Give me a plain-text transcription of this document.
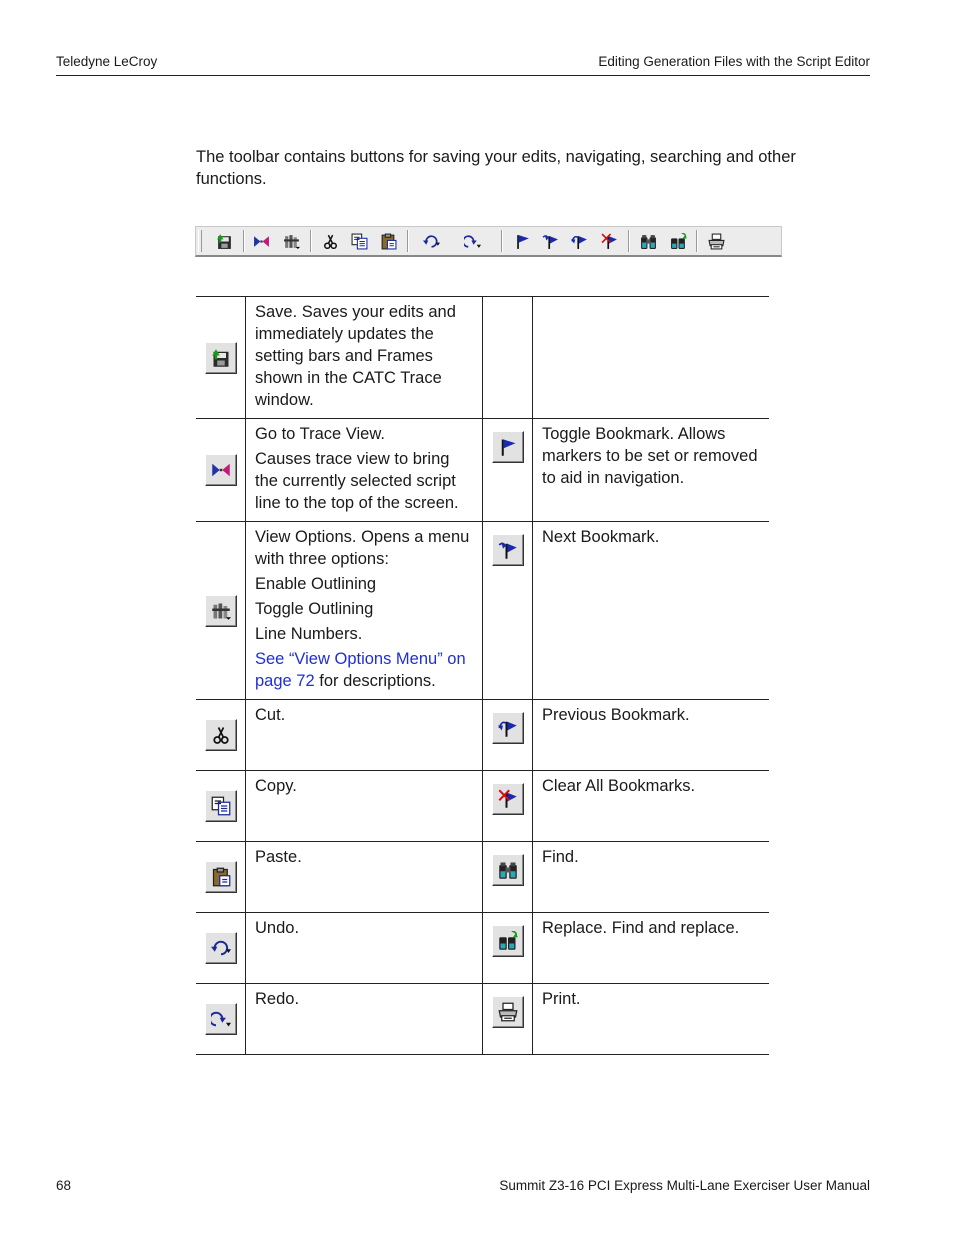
Teledyne LeCroy	Editing Generation Files with the Script Editor

The toolbar contains buttons for saving your edits, navigating, searching and other functions.

Save. Saves your edits and immediately updates the setting bars and Frames shown in the CATC Trace window.		

Go to Trace View.
Causes trace view to bring the currently selected script line to the top of the screen.		Toggle Bookmark. Allows markers to be set or removed to aid in navigation.

View Options. Opens a menu with three options:
Enable Outlining
Toggle Outlining
Line Numbers.
See “View Options Menu” on page 72 for descriptions.		Next Bookmark.

Cut.		Previous Bookmark.

Copy.		Clear All Bookmarks.

Paste.		Find.

Undo.		Replace. Find and replace.

Redo.		Print.
68	Summit Z3-16 PCI Express Multi-Lane Exerciser User Manual
